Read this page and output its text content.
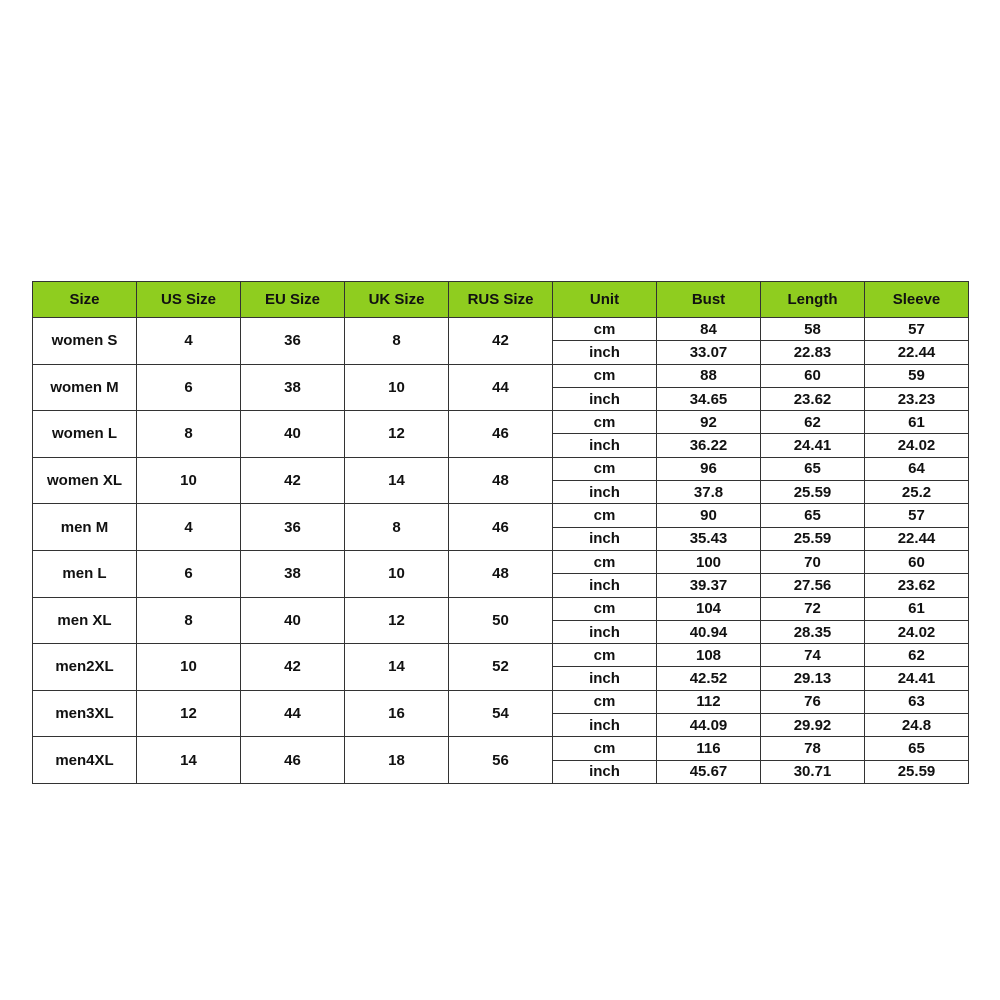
Size	US Size	EU Size	UK Size	RUS Size	Unit	Bust	Length	Sleeve
women S	4	36	8	42	cm	84	58	57
					inch	33.07	22.83	22.44
women M	6	38	10	44	cm	88	60	59
					inch	34.65	23.62	23.23
women L	8	40	12	46	cm	92	62	61
					inch	36.22	24.41	24.02
women XL	10	42	14	48	cm	96	65	64
					inch	37.8	25.59	25.2
men M	4	36	8	46	cm	90	65	57
					inch	35.43	25.59	22.44
men L	6	38	10	48	cm	100	70	60
					inch	39.37	27.56	23.62
men XL	8	40	12	50	cm	104	72	61
					inch	40.94	28.35	24.02
men2XL	10	42	14	52	cm	108	74	62
					inch	42.52	29.13	24.41
men3XL	12	44	16	54	cm	112	76	63
					inch	44.09	29.92	24.8
men4XL	14	46	18	56	cm	116	78	65
					inch	45.67	30.71	25.59
